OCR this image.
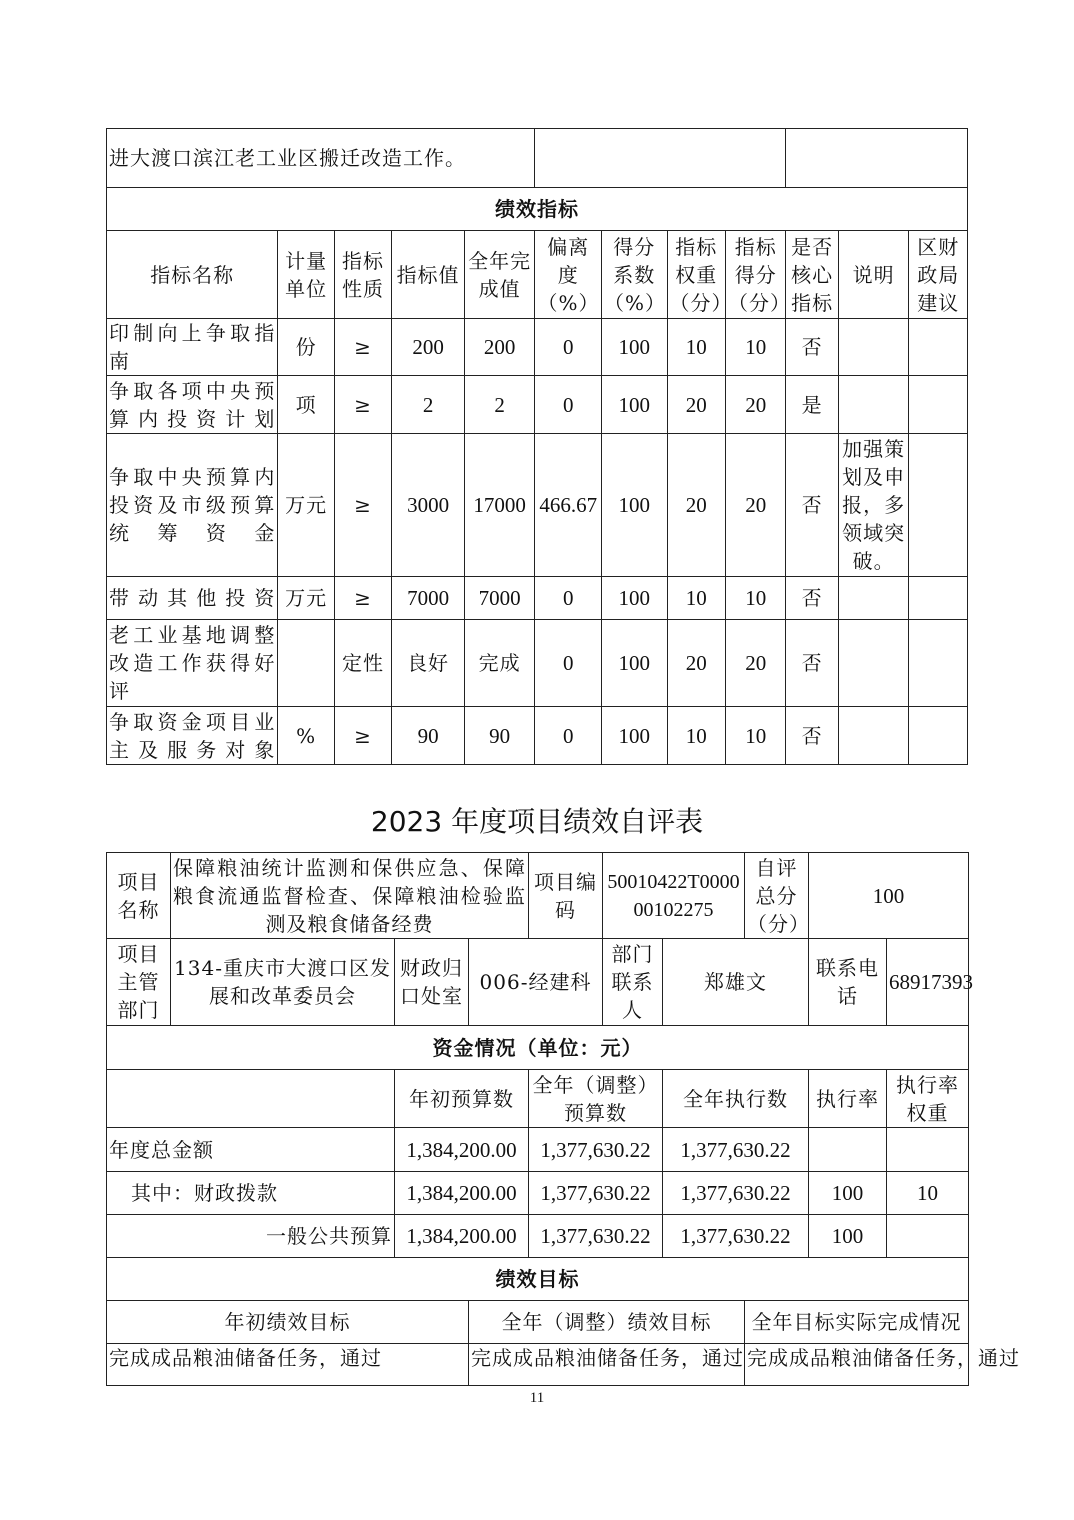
进大渡口滨江老工业区搬迁改造工作。											
绩效指标											
指标名称	计量单位	指标性质	指标值	全年完成值	偏离度（%）	得分系数（%）	指标权重（分）	指标得分（分）	是否核心指标	说明	区财政局建议
印制向上争取指南	份	≥	200	200	0	100	10	10	否		
争取各项中央预算内投资计划	项	≥	2	2	0	100	20	20	是		
争取中央预算内投资及市级预算统筹资金	万元	≥	3000	17000	466.67	100	20	20	否	加强策划及申报，多领域突破。	
带动其他投资	万元	≥	7000	7000	0	100	10	10	否		
老工业基地调整改造工作获得好评		定性	良好	完成	0	100	20	20	否		
争取资金项目业主及服务对象	%	≥	90	90	0	100	10	10	否		
2023 年度项目绩效自评表
项目名称	保障粮油统计监测和保供应急、保障粮食流通监督检查、保障粮油检验监测及粮食储备经费			项目编码	50010422T000000102275		自评总分（分）	100	
项目主管部门	134-重庆市大渡口区发展和改革委员会	财政归口处室	006-经建科		部门联系人	郑雄文		联系电话	68917393
资金情况（单位：元）									
		年初预算数		全年（调整）预算数		全年执行数		执行率	执行率权重
年度总金额		1,384,200.00		1,377,630.22		1,377,630.22			
其中：财政拨款		1,384,200.00		1,377,630.22		1,377,630.22		100	10
一般公共预算		1,384,200.00		1,377,630.22		1,377,630.22		100	
绩效目标									
年初绩效目标			全年（调整）绩效目标				全年目标实际完成情况		
完成成品粮油储备任务，通过			完成成品粮油储备任务，通过				完成成品粮油储备任务，通过		
11
